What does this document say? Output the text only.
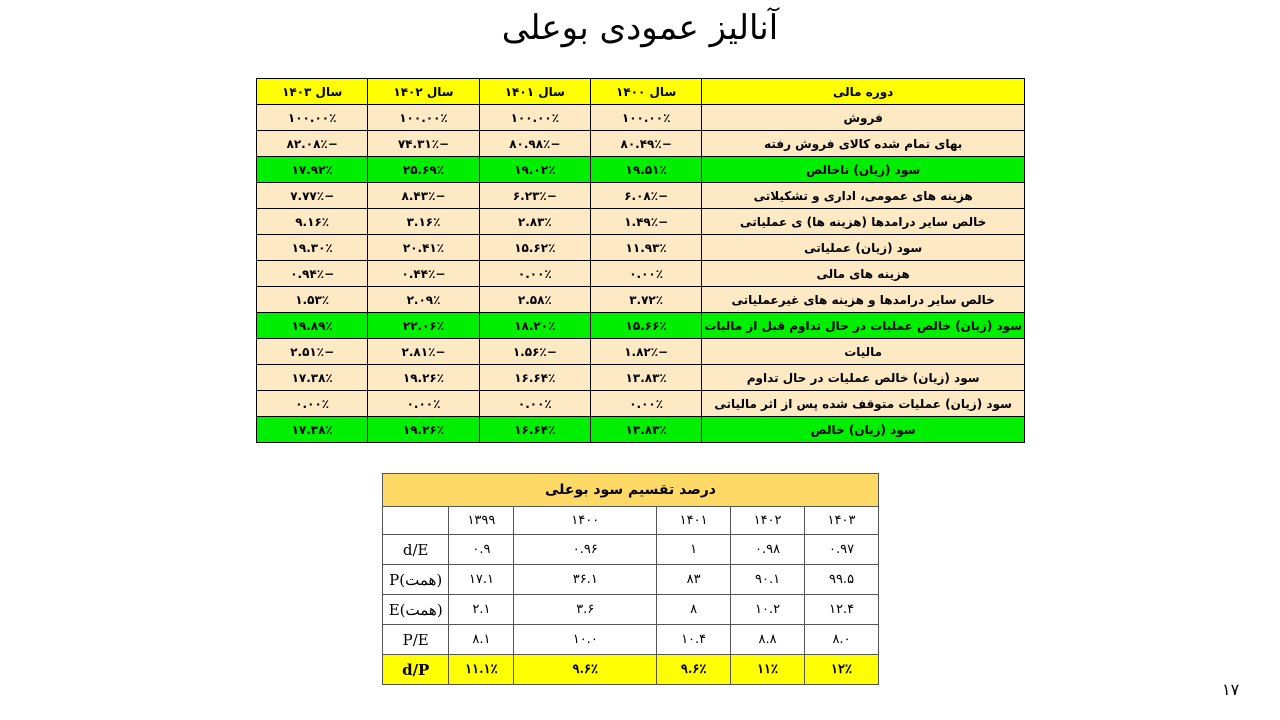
آنالیز عمودی بوعلی
دوره مالی	سال ۱۴۰۰	سال ۱۴۰۱	سال ۱۴۰۲	سال ۱۴۰۳
فروش	۱۰۰.۰۰٪	۱۰۰.۰۰٪	۱۰۰.۰۰٪	۱۰۰.۰۰٪
بهای تمام شده کالای فروش رفته	−۸۰.۴۹٪	−۸۰.۹۸٪	−۷۴.۳۱٪	−۸۲.۰۸٪
سود (زیان) ناخالص	۱۹.۵۱٪	۱۹.۰۲٪	۲۵.۶۹٪	۱۷.۹۲٪
هزینه های عمومی، اداری و تشکیلاتی	−۶.۰۸٪	−۶.۲۳٪	−۸.۴۳٪	−۷.۷۷٪
خالص سایر درامدها (هزینه ها) ی عملیاتی	−۱.۴۹٪	۲.۸۳٪	۳.۱۶٪	۹.۱۶٪
سود (زیان) عملیاتی	۱۱.۹۳٪	۱۵.۶۲٪	۲۰.۴۱٪	۱۹.۳۰٪
هزینه های مالی	۰.۰۰٪	۰.۰۰٪	−۰.۴۴٪	−۰.۹۴٪
خالص سایر درامدها و هزینه های غیرعملیاتی	۳.۷۲٪	۲.۵۸٪	۲.۰۹٪	۱.۵۳٪
سود (زیان) خالص عملیات در حال تداوم قبل از مالیات	۱۵.۶۶٪	۱۸.۲۰٪	۲۲.۰۶٪	۱۹.۸۹٪
مالیات	−۱.۸۲٪	−۱.۵۶٪	−۲.۸۱٪	−۲.۵۱٪
سود (زیان) خالص عملیات در حال تداوم	۱۳.۸۳٪	۱۶.۶۴٪	۱۹.۲۶٪	۱۷.۳۸٪
سود (زیان) عملیات متوقف شده پس از اثر مالیاتی	۰.۰۰٪	۰.۰۰٪	۰.۰۰٪	۰.۰۰٪
سود (زیان) خالص	۱۳.۸۳٪	۱۶.۶۴٪	۱۹.۲۶٪	۱۷.۳۸٪
درصد تقسیم سود بوعلی					
	۱۳۹۹	۱۴۰۰	۱۴۰۱	۱۴۰۲	۱۴۰۳
d/E	۰.۹	۰.۹۶	۱	۰.۹۸	۰.۹۷
P(همت)	۱۷.۱	۳۶.۱	۸۳	۹۰.۱	۹۹.۵
E(همت)	۲.۱	۳.۶	۸	۱۰.۲	۱۲.۴
P/E	۸.۱	۱۰.۰	۱۰.۴	۸.۸	۸.۰
d/P	۱۱.۱٪	۹.۶٪	۹.۶٪	۱۱٪	۱۲٪
۱۷
